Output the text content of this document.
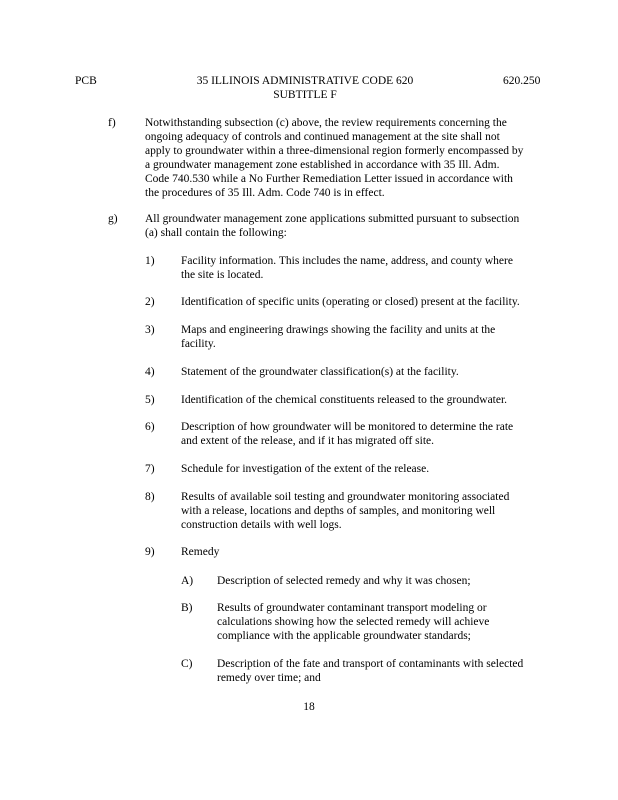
PCB	35 ILLINOIS ADMINISTRATIVE CODE 620
SUBTITLE F
620.250
f)	Notwithstanding subsection (c) above, the review requirements concerning the
ongoing adequacy of controls and continued management at the site shall not
apply to groundwater within a three-dimensional region formerly encompassed by
a groundwater management zone established in accordance with 35 Ill. Adm.
Code 740.530 while a No Further Remediation Letter issued in accordance with
the procedures of 35 Ill. Adm. Code 740 is in effect.
g) All groundwater management zone applications submitted pursuant to subsection
(a) shall contain the following:
1) Facility information. This includes the name, address, and county where
the site is located.
2) Identification of specific units (operating or closed) present at the facility.
3) Maps and engineering drawings showing the facility and units at the
facility.
4) Statement of the groundwater classification(s) at the facility.
5) Identification of the chemical constituents released to the groundwater.
6) Description of how groundwater will be monitored to determine the rate
and extent of the release, and if it has migrated off site.
7) Schedule for investigation of the extent of the release.
8) Results of available soil testing and groundwater monitoring associated
with a release, locations and depths of samples, and monitoring well
construction details with well logs.
9) Remedy
A) Description of selected remedy and why it was chosen;
B) Results of groundwater contaminant transport modeling or
calculations showing how the selected remedy will achieve
compliance with the applicable groundwater standards;
C) Description of the fate and transport of contaminants with selected
remedy over time; and
18
